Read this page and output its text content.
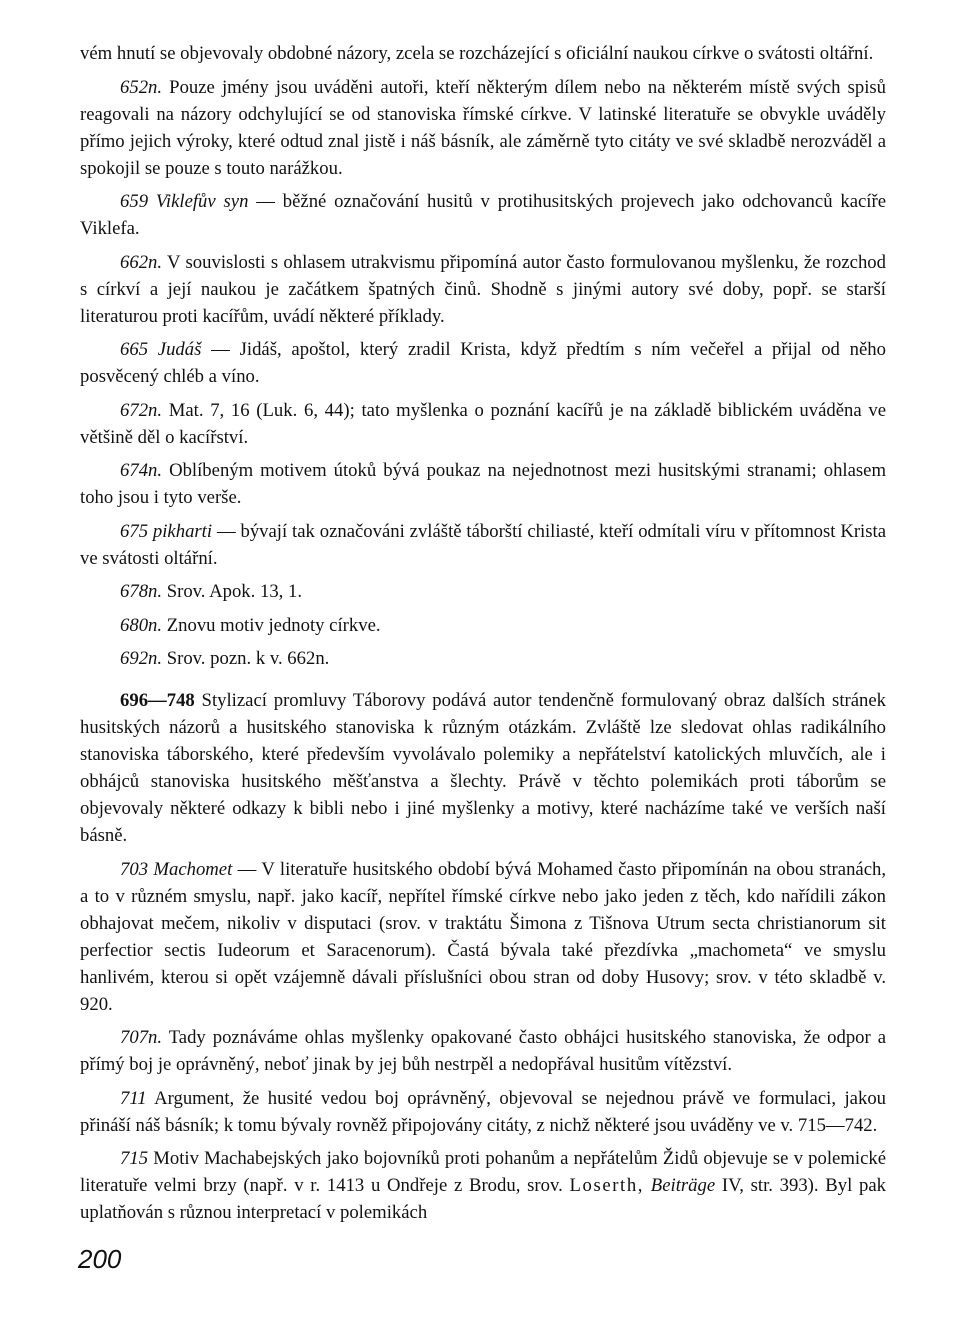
vém hnutí se objevovaly obdobné názory, zcela se rozcházející s oficiální naukou církve o svátosti oltářní.

652n. Pouze jmény jsou uváděni autoři, kteří některým dílem nebo na některém místě svých spisů reagovali na názory odchylující se od stanoviska římské církve. V latinské literatuře se obvykle uváděly přímo jejich výroky, které odtud znal jistě i náš básník, ale záměrně tyto citáty ve své skladbě nerozváděl a spokojil se pouze s touto narážkou.

659 Viklefův syn — běžné označování husitů v protihusitských projevech jako odchovanců kacíře Viklefa.

662n. V souvislosti s ohlasem utrakvismu připomíná autor často formulovanou myšlenku, že rozchod s církví a její naukou je začátkem špatných činů. Shodně s jinými autory své doby, popř. se starší literaturou proti kacířům, uvádí některé příklady.

665 Judáš — Jidáš, apoštol, který zradil Krista, když předtím s ním večeřel a přijal od něho posvěcený chléb a víno.

672n. Mat. 7, 16 (Luk. 6, 44); tato myšlenka o poznání kacířů je na základě biblickém uváděna ve většině děl o kacířství.

674n. Oblíbeným motivem útoků bývá poukaz na nejednotnost mezi husitskými stranami; ohlasem toho jsou i tyto verše.

675 pikharti — bývají tak označováni zvláště táborští chiliasté, kteří odmítali víru v přítomnost Krista ve svátosti oltářní.

678n. Srov. Apok. 13, 1.

680n. Znovu motiv jednoty církve.

692n. Srov. pozn. k v. 662n.

696—748 Stylizací promluvy Táborovy podává autor tendenčně formulovaný obraz dalších stránek husitských názorů a husitského stanoviska k různým otázkám. Zvláště lze sledovat ohlas radikálního stanoviska táborského, které především vyvolávalo polemiky a nepřátelství katolických mluvčích, ale i obhájců stanoviska husitského měšťanstva a šlechty. Právě v těchto polemikách proti táborům se objevovaly některé odkazy k bibli nebo i jiné myšlenky a motivy, které nacházíme také ve verších naší básně.

703 Machomet — V literatuře husitského období bývá Mohamed často připomínán na obou stranách, a to v různém smyslu, např. jako kacíř, nepřítel římské církve nebo jako jeden z těch, kdo nařídili zákon obhajovat mečem, nikoliv v disputaci (srov. v traktátu Šimona z Tišnova Utrum secta christianorum sit perfectior sectis Iudeorum et Saracenorum). Častá bývala také přezdívka „machometa“ ve smyslu hanlivém, kterou si opět vzájemně dávali příslušníci obou stran od doby Husovy; srov. v této skladbě v. 920.

707n. Tady poznáváme ohlas myšlenky opakované často obhájci husitského stanoviska, že odpor a přímý boj je oprávněný, neboť jinak by jej bůh nestrpěl a nedopřával husitům vítězství.

711 Argument, že husité vedou boj oprávněný, objevoval se nejednou právě ve formulaci, jakou přináší náš básník; k tomu bývaly rovněž připojovány citáty, z nichž některé jsou uváděny ve v. 715—742.

715 Motiv Machabejských jako bojovníků proti pohanům a nepřátelům Židů objevuje se v polemické literatuře velmi brzy (např. v r. 1413 u Ondřeje z Brodu, srov. Loserth, Beiträge IV, str. 393). Byl pak uplatňován s různou interpretací v polemikách

200
